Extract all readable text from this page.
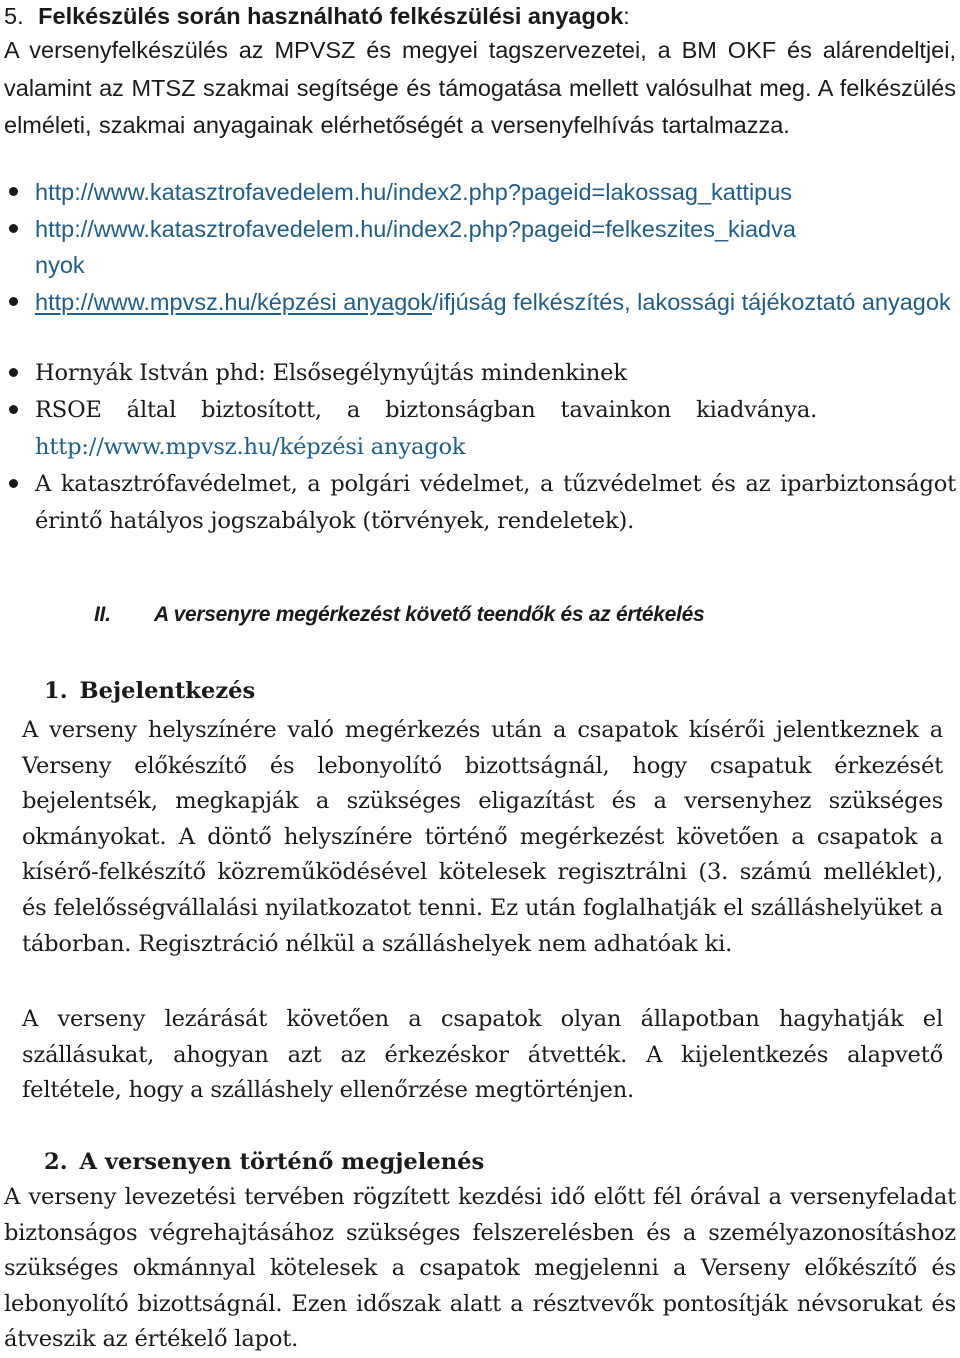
5. Felkészülés során használható felkészülési anyagok:

A versenyfelkészülés az MPVSZ és megyei tagszervezetei, a BM OKF és alárendeltjei, valamint az MTSZ szakmai segítsége és támogatása mellett valósulhat meg. A felkészülés elméleti, szakmai anyagainak elérhetőségét a versenyfelhívás tartalmazza.

http://www.katasztrofavedelem.hu/index2.php?pageid=lakossag_kattipus
http://www.katasztrofavedelem.hu/index2.php?pageid=felkeszites_kiadva
nyok
http://www.mpvsz.hu/képzési anyagok/ifjúság felkészítés, lakossági tájékoztató anyagok
Hornyák István phd: Elsősegélynyújtás mindenkinek
RSOE által biztosított, a biztonságban tavainkon kiadványa.
http://www.mpvsz.hu/képzési anyagok
A katasztrófavédelmet, a polgári védelmet, a tűzvédelmet és az iparbiztonságot érintő hatályos jogszabályok (törvények, rendeletek).
II. A versenyre megérkezést követő teendők és az értékelés
1. Bejelentkezés

A verseny helyszínére való megérkezés után a csapatok kísérői jelentkeznek a Verseny előkészítő és lebonyolító bizottságnál, hogy csapatuk érkezését bejelentsék, megkapják a szükséges eligazítást és a versenyhez szükséges okmányokat. A döntő helyszínére történő megérkezést követően a csapatok a kísérő-felkészítő közreműködésével kötelesek regisztrálni (3. számú melléklet), és felelősségvállalási nyilatkozatot tenni. Ez után foglalhatják el szálláshelyüket a táborban. Regisztráció nélkül a szálláshelyek nem adhatóak ki.

A verseny lezárását követően a csapatok olyan állapotban hagyhatják el szállásukat, ahogyan azt az érkezéskor átvették. A kijelentkezés alapvető feltétele, hogy a szálláshely ellenőrzése megtörténjen.

2. A versenyen történő megjelenés

A verseny levezetési tervében rögzített kezdési idő előtt fél órával a versenyfeladat biztonságos végrehajtásához szükséges felszerelésben és a személyazonosításhoz szükséges okmánnyal kötelesek a csapatok megjelenni a Verseny előkészítő és lebonyolító bizottságnál. Ezen időszak alatt a résztvevők pontosítják névsorukat és átveszik az értékelő lapot.
